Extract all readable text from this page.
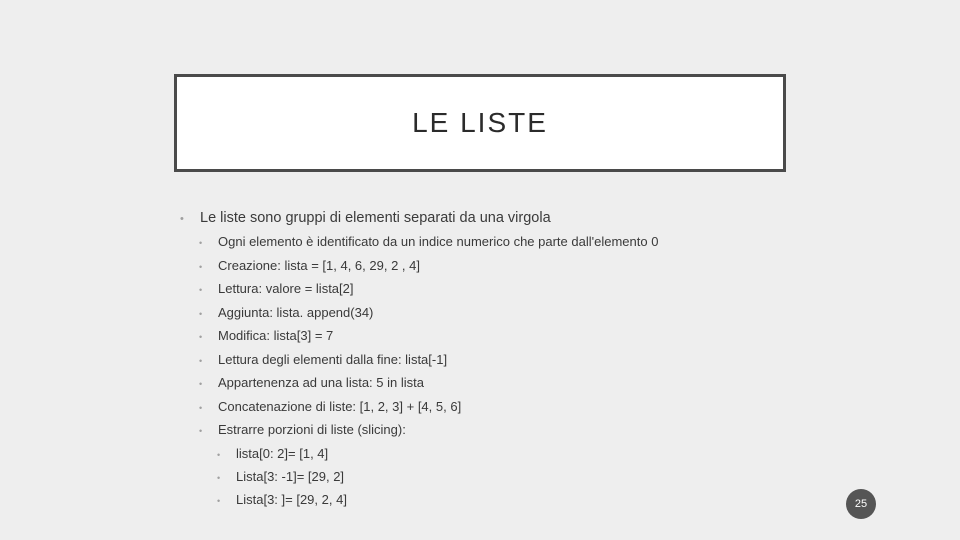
LE LISTE
•	Le liste sono gruppi di elementi separati da una virgola
•	Ogni elemento è identificato da un indice numerico che parte dall'elemento 0
•	Creazione: lista = [1, 4, 6, 29, 2 , 4]
•	Lettura: valore = lista[2]
•	Aggiunta: lista. append(34)
•	Modifica: lista[3] = 7
•	Lettura degli elementi dalla fine: lista[-1]
•	Appartenenza ad una lista: 5 in lista
•	Concatenazione di liste: [1, 2, 3] + [4, 5, 6]
•	Estrarre porzioni di liste (slicing):
•	lista[0: 2]= [1, 4]
•	Lista[3: -1]= [29, 2]
•	Lista[3: ]= [29, 2, 4]	25
